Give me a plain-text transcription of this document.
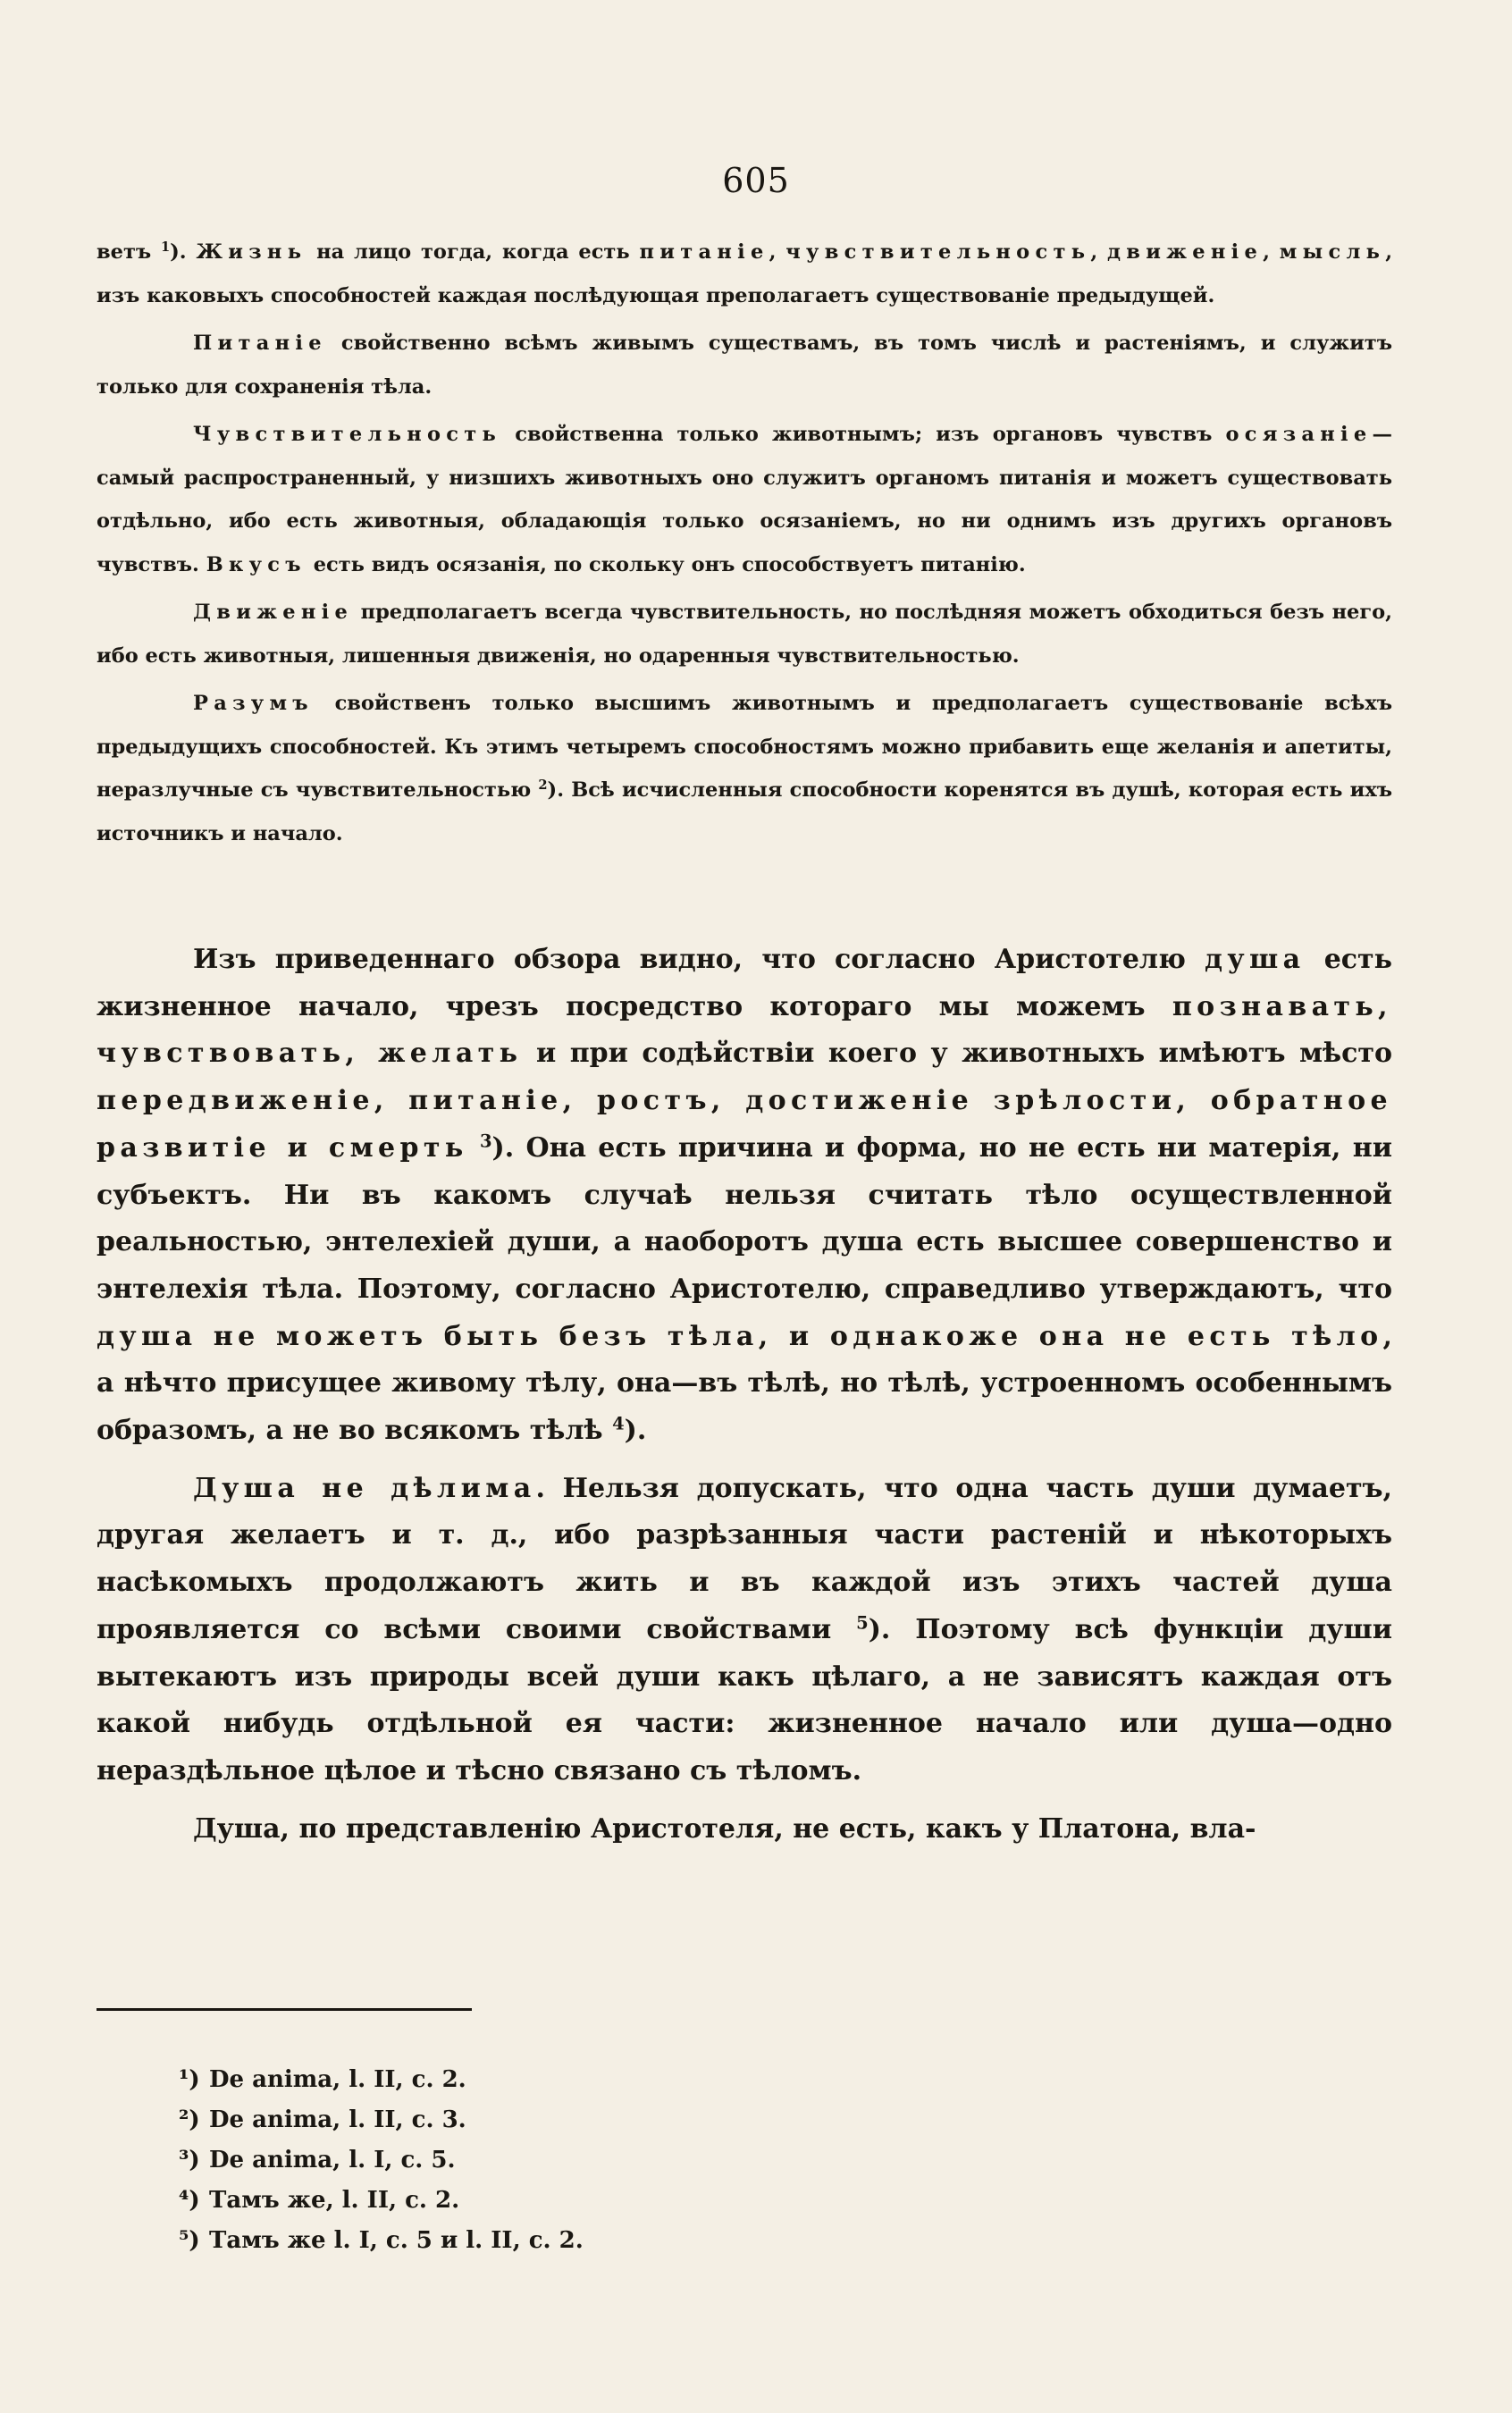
605

ветъ $^1$). Жизнь на лицо тогда, когда есть питаніе, чувствительность, движеніе, мысль, изъ каковыхъ способностей каждая послѣдующая преполагаетъ существованіе предыдущей.

Питаніе свойственно всѣмъ живымъ существамъ, въ томъ числѣ и растеніямъ, и служитъ только для сохраненія тѣла.

Чувствительность свойственна только животнымъ; изъ органовъ чувствъ осязаніе—самый распространенный, у низшихъ животныхъ оно служитъ органомъ питанія и можетъ существовать отдѣльно, ибо есть животныя, обладающія только осязаніемъ, но ни однимъ изъ другихъ органовъ чувствъ. Вкусъ есть видъ осязанія, по скольку онъ способствуетъ питанію.

Движеніе предполагаетъ всегда чувствительность, но послѣдняя можетъ обходиться безъ него, ибо есть животныя, лишенныя движенія, но одаренныя чувствительностью.

Разумъ свойственъ только высшимъ животнымъ и предполагаетъ существованіе всѣхъ предыдущихъ способностей. Къ этимъ четыремъ способностямъ можно прибавить еще желанія и апетиты, неразлучные съ чувствительностью $^2$). Всѣ исчисленныя способности коренятся въ душѣ, которая есть ихъ источникъ и начало.

Изъ приведеннаго обзора видно, что согласно Аристотелю душа есть жизненное начало, чрезъ посредство которaго мы можемъ познавать, чувствовать, желать и при содѣйствіи коего у животныхъ имѣютъ мѣсто передвиженіе, питаніе, ростъ, достиженіе зрѣлости, обратное развитіе и смерть $^3$). Она есть причина и форма, но не есть ни матерія, ни субъектъ. Ни въ какомъ случаѣ нельзя считать тѣло осуществленной реальностью, энтелехіей души, а наоборотъ душа есть высшее совершенство и энтелехія тѣла. Поэтому, согласно Аристотелю, справедливо утверждаютъ, что душа не можетъ быть безъ тѣла, и однакоже она не есть тѣло, а нѣчто присущее живому тѣлу, она—въ тѣлѣ, но тѣлѣ, устроенномъ особеннымъ образомъ, а не во всякомъ тѣлѣ $^4$).

Душа не дѣлима. Нельзя допускать, что одна часть души думаетъ, другая желаетъ и т. д., ибо разрѣзанныя части растеній и нѣкоторыхъ насѣкомыхъ продолжаютъ жить и въ каждой изъ этихъ частей душа проявляется со всѣми своими свойствами $^5$). Поэтому всѣ функціи души вытекаютъ изъ природы всей души какъ цѣлаго, а не зависятъ каждая отъ какой нибудь отдѣльной ея части: жизненное начало или душа—одно нераздѣльное цѣлое и тѣсно связано съ тѣломъ.

Душа, по представленію Аристотеля, не есть, какъ у Платона, вла-

¹) De anima, l. II, c. 2.
²) De anima, l. II, c. 3.
³) De anima, l. I, c. 5.
⁴) Тамъ же, l. II, c. 2.
⁵) Тамъ же l. I, c. 5 и l. II, c. 2.
